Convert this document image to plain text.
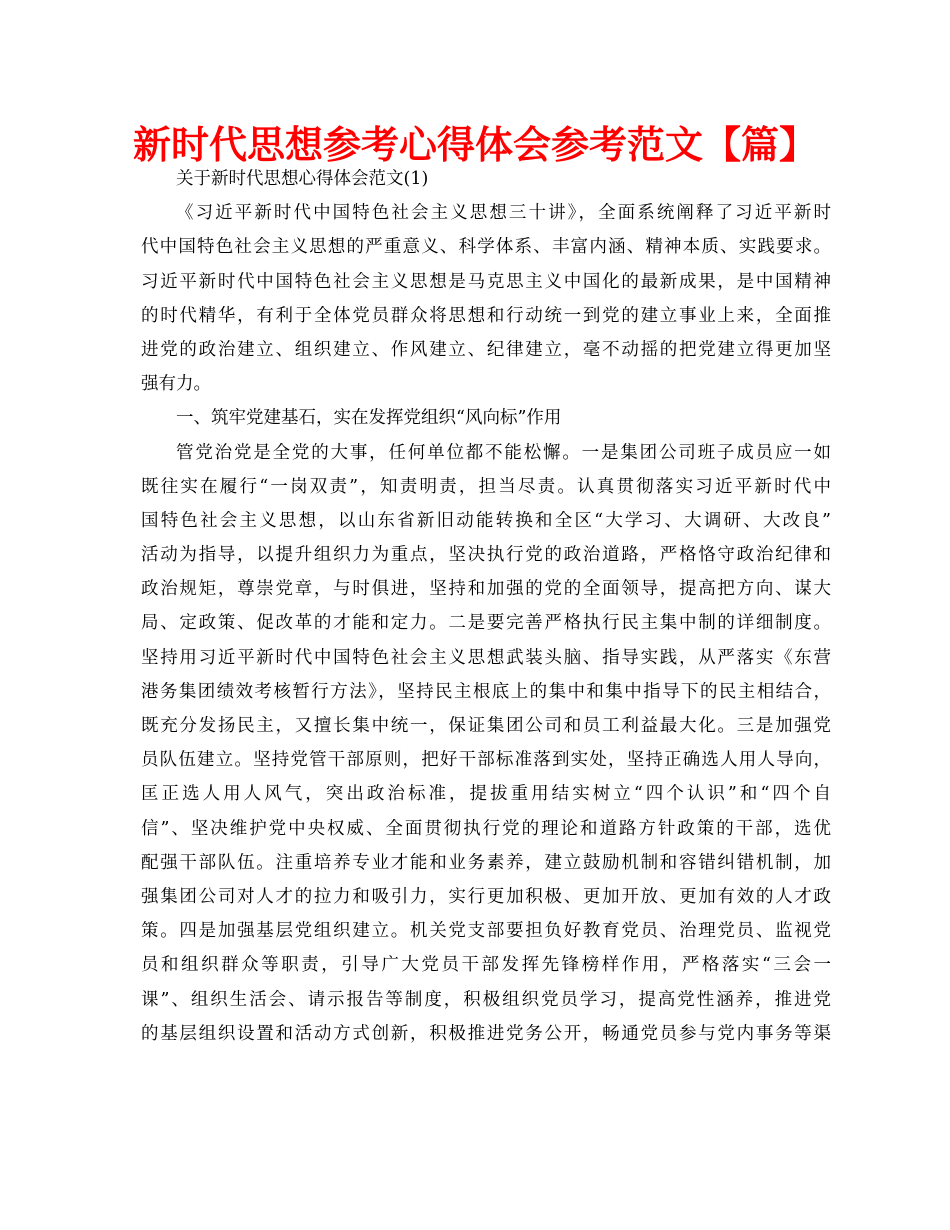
新时代思想参考心得体会参考范文【篇】
关于新时代思想心得体会范文(1)
《习近平新时代中国特色社会主义思想三十讲》，全面系统阐释了习近平新时
代中国特色社会主义思想的严重意义、科学体系、丰富内涵、精神本质、实践要求。
习近平新时代中国特色社会主义思想是马克思主义中国化的最新成果，是中国精神
的时代精华，有利于全体党员群众将思想和行动统一到党的建立事业上来，全面推
进党的政治建立、组织建立、作风建立、纪律建立，毫不动摇的把党建立得更加坚
强有力。
一、筑牢党建基石，实在发挥党组织“风向标”作用
管党治党是全党的大事，任何单位都不能松懈。一是集团公司班子成员应一如
既往实在履行“一岗双责”，知责明责，担当尽责。认真贯彻落实习近平新时代中
国特色社会主义思想，以山东省新旧动能转换和全区“大学习、大调研、大改良”
活动为指导，以提升组织力为重点，坚决执行党的政治道路，严格恪守政治纪律和
政治规矩，尊崇党章，与时俱进，坚持和加强的党的全面领导，提高把方向、谋大
局、定政策、促改革的才能和定力。二是要完善严格执行民主集中制的详细制度。
坚持用习近平新时代中国特色社会主义思想武装头脑、指导实践，从严落实《东营
港务集团绩效考核暂行方法》，坚持民主根底上的集中和集中指导下的民主相结合，
既充分发扬民主，又擅长集中统一，保证集团公司和员工利益最大化。三是加强党
员队伍建立。坚持党管干部原则，把好干部标准落到实处，坚持正确选人用人导向，
匡正选人用人风气，突出政治标准，提拔重用结实树立“四个认识”和“四个自
信”、坚决维护党中央权威、全面贯彻执行党的理论和道路方针政策的干部，选优
配强干部队伍。注重培养专业才能和业务素养，建立鼓励机制和容错纠错机制，加
强集团公司对人才的拉力和吸引力，实行更加积极、更加开放、更加有效的人才政
策。四是加强基层党组织建立。机关党支部要担负好教育党员、治理党员、监视党
员和组织群众等职责，引导广大党员干部发挥先锋榜样作用，严格落实“三会一
课”、组织生活会、请示报告等制度，积极组织党员学习，提高党性涵养，推进党
的基层组织设置和活动方式创新，积极推进党务公开，畅通党员参与党内事务等渠
